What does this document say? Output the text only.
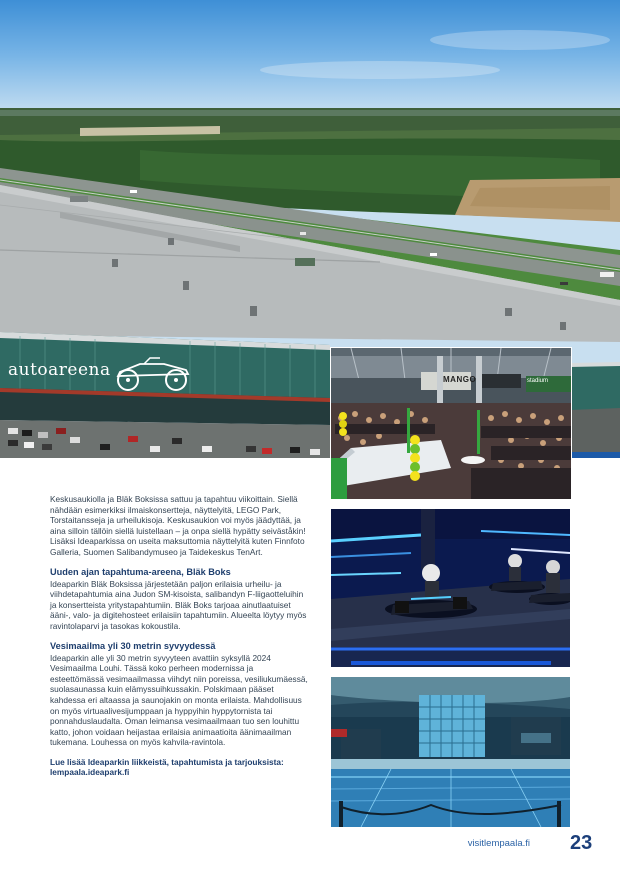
autoareena	MANGO	stadium

Keskusaukiolla ja Bläk Boksissa sattuu ja tapahtuu viikoittain. Siellä nähdään esimerkiksi ilmaiskonsertteja, näyttelyitä, LEGO Park, Torstaitansseja ja urheilukisoja. Keskusaukion voi myös jäädyttää, ja aina silloin tällöin siellä luistellaan – ja onpa siellä hypätty seiväståkin! Lisäksi Ideaparkissa on useita maksuttomia näyttelyitä kuten Finnfoto Galleria, Suomen Salibandymuseo ja Taidekeskus TenArt.

Uuden ajan tapahtuma-areena, Bläk Boks

Ideaparkin Bläk Boksissa järjestetään paljon erilaisia urheilu- ja viihdetapahtumia aina Judon SM-kisoista, salibandyn F-liigaotteluihin ja konsertteista yritystapahtumiin. Bläk Boks tarjoaa ainutlaatuiset ääni-, valo- ja digitehosteet erilaisiin tapahtumiin. Alueelta löytyy myös ravintolaparvi ja tasokas kokoustila.

Vesimaailma yli 30 metrin syvyydessä

Ideaparkin alle yli 30 metrin syvyyteen avattiin syksyllä 2024 Vesimaailma Louhi. Tässä koko perheen modernissa ja esteettömässä vesimaailmassa viihdyt niin poreissa, vesiliukumäessä, suolasaunassa kuin elämyssuihkussakin. Polskimaan pääset kahdessa eri altaassa ja saunojakin on monta erilaista. Mahdollisuus on myös virtuaalivesijumppaan ja hyppyihin hyppytornista tai ponnahduslaudalta. Oman leimansa vesimaailmaan tuo sen louhittu katto, johon voidaan heijastaa erilaisia animaatioita äänimaailman tukemana. Louhessa on myös kahvila-ravintola.

Lue lisää Ideaparkin liikkeistä, tapahtumista ja tarjouksista:
lempaala.ideapark.fi
visitlempaala.fi 23
